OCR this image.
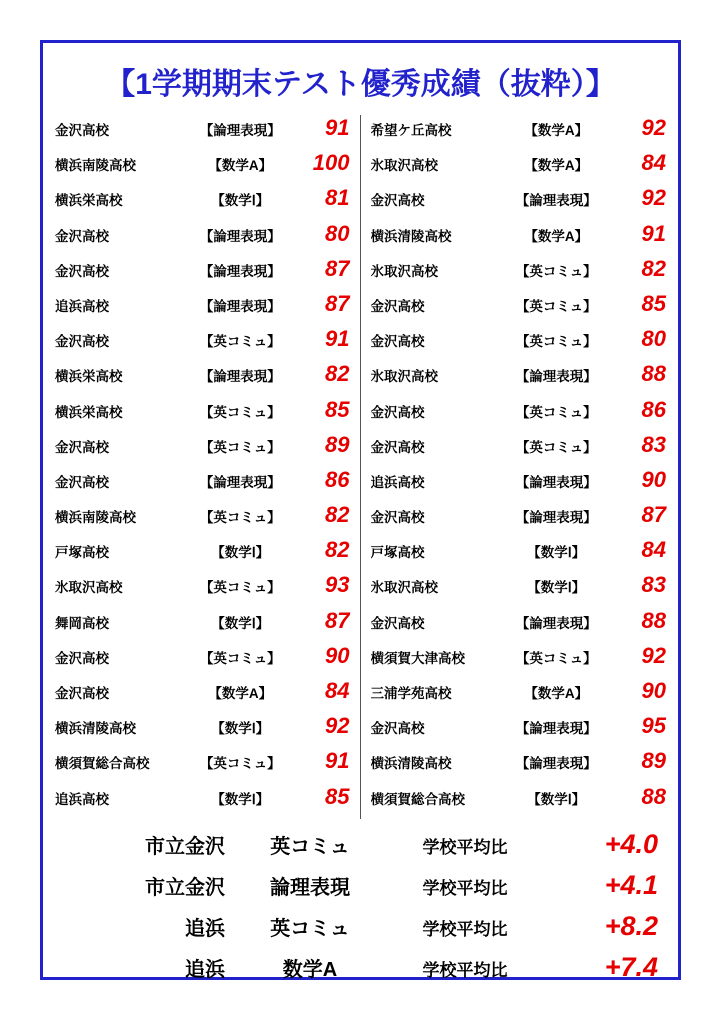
【1学期期末テスト優秀成績（抜粋）】
金沢高校	【論理表現】	91
横浜南陵高校	【数学A】	100
横浜栄高校	【数学Ⅰ】	81
金沢高校	【論理表現】	80
金沢高校	【論理表現】	87
追浜高校	【論理表現】	87
金沢高校	【英コミュ】	91
横浜栄高校	【論理表現】	82
横浜栄高校	【英コミュ】	85
金沢高校	【英コミュ】	89
金沢高校	【論理表現】	86
横浜南陵高校	【英コミュ】	82
戸塚高校	【数学Ⅰ】	82
氷取沢高校	【英コミュ】	93
舞岡高校	【数学Ⅰ】	87
金沢高校	【英コミュ】	90
金沢高校	【数学A】	84
横浜清陵高校	【数学Ⅰ】	92
横須賀総合高校	【英コミュ】	91
追浜高校	【数学Ⅰ】	85
希望ケ丘高校	【数学A】	92
氷取沢高校	【数学A】	84
金沢高校	【論理表現】	92
横浜清陵高校	【数学A】	91
氷取沢高校	【英コミュ】	82
金沢高校	【英コミュ】	85
金沢高校	【英コミュ】	80
氷取沢高校	【論理表現】	88
金沢高校	【英コミュ】	86
金沢高校	【英コミュ】	83
追浜高校	【論理表現】	90
金沢高校	【論理表現】	87
戸塚高校	【数学Ⅰ】	84
氷取沢高校	【数学Ⅰ】	83
金沢高校	【論理表現】	88
横須賀大津高校	【英コミュ】	92
三浦学苑高校	【数学A】	90
金沢高校	【論理表現】	95
横浜清陵高校	【論理表現】	89
横須賀総合高校	【数学Ⅰ】	88
市立金沢	英コミュ	学校平均比	+4.0
市立金沢	論理表現	学校平均比	+4.1
追浜	英コミュ	学校平均比	+8.2
追浜	数学A	学校平均比	+7.4
